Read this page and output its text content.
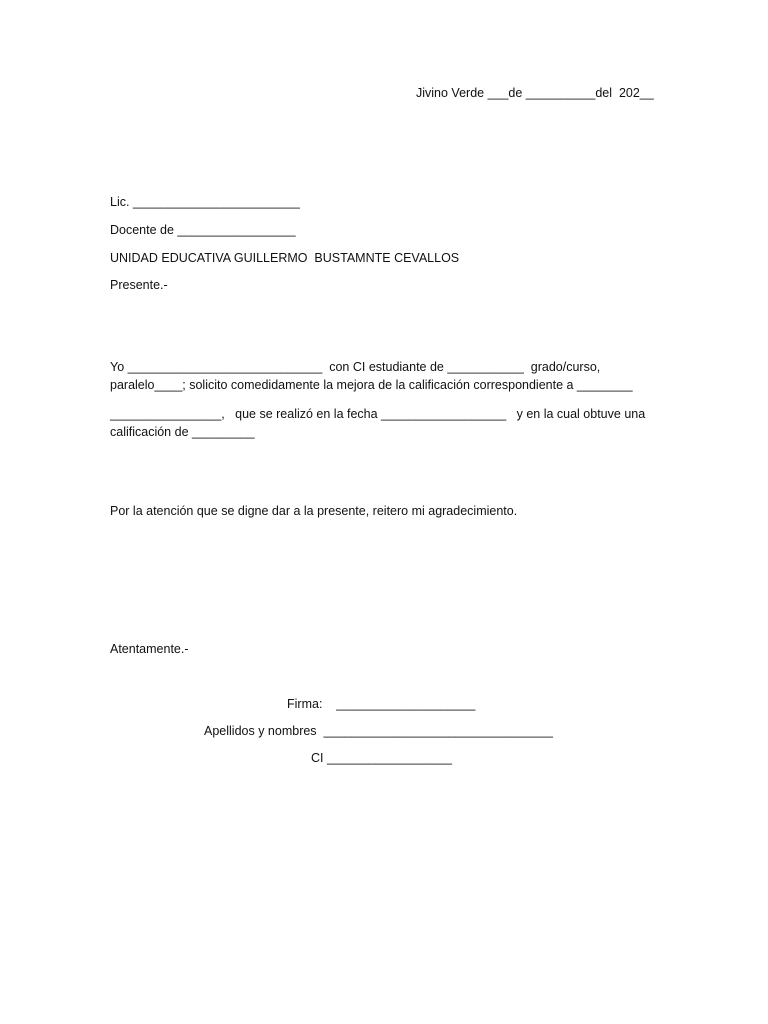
Jivino Verde ___de __________del  202__
Lic. ________________________
Docente de _________________
UNIDAD EDUCATIVA GUILLERMO  BUSTAMNTE CEVALLOS
Presente.-
Yo ____________________________  con CI estudiante de ___________  grado/curso,
paralelo____; solicito comedidamente la mejora de la calificación correspondiente a ________
________________,   que se realizó en la fecha __________________   y en la cual obtuve una
calificación de _________
Por la atención que se digne dar a la presente, reitero mi agradecimiento.
Atentamente.-
Firma:    ____________________
Apellidos y nombres  _________________________________
CI __________________
